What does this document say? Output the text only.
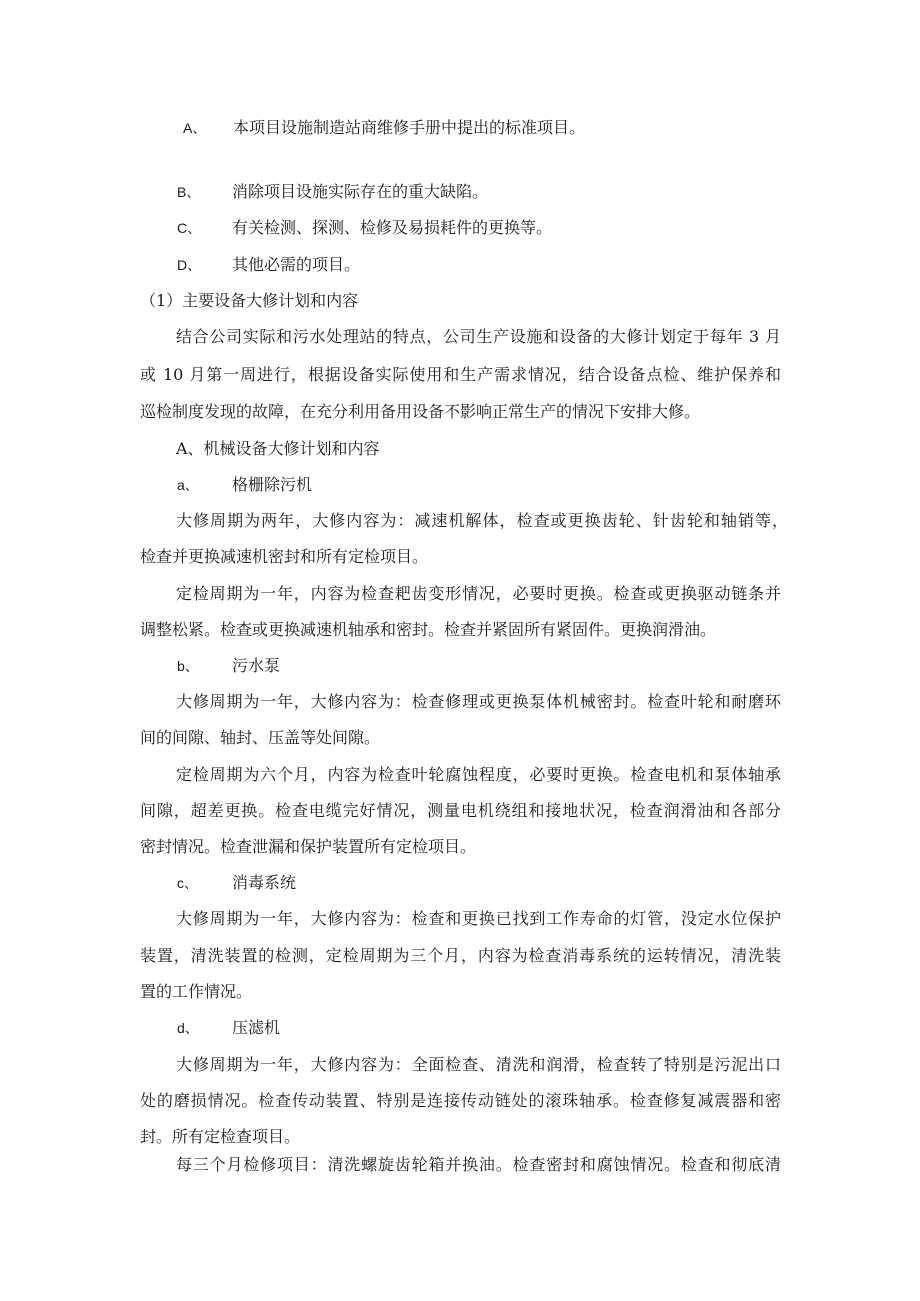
A、 本项目设施制造站商维修手册中提出的标准项目。
B、 消除项目设施实际存在的重大缺陷。
C、 有关检测、探测、检修及易损耗件的更换等。
D、 其他必需的项目。
（1）主要设备大修计划和内容
结合公司实际和污水处理站的特点，公司生产设施和设备的大修计划定于每年 3 月
或 10 月第一周进行，根据设备实际使用和生产需求情况，结合设备点检、维护保养和
巡检制度发现的故障，在充分利用备用设备不影响正常生产的情况下安排大修。
A、机械设备大修计划和内容
a、 格栅除污机
大修周期为两年，大修内容为：减速机解体，检查或更换齿轮、针齿轮和轴销等，
检查并更换减速机密封和所有定检项目。
定检周期为一年，内容为检查耙齿变形情况，必要时更换。检查或更换驱动链条并
调整松紧。检查或更换减速机轴承和密封。检查并紧固所有紧固件。更换润滑油。
b、 污水泵
大修周期为一年，大修内容为：检查修理或更换泵体机械密封。检查叶轮和耐磨环
间的间隙、轴封、压盖等处间隙。
定检周期为六个月，内容为检查叶轮腐蚀程度，必要时更换。检查电机和泵体轴承
间隙，超差更换。检查电缆完好情况，测量电机绕组和接地状况，检查润滑油和各部分
密封情况。检查泄漏和保护装置所有定检项目。
c、 消毒系统
大修周期为一年，大修内容为：检查和更换已找到工作寿命的灯管，没定水位保护
装置，清洗装置的检测，定检周期为三个月，内容为检查消毒系统的运转情况，清洗装
置的工作情况。
d、 压滤机
大修周期为一年，大修内容为：全面检查、清洗和润滑，检查转了特别是污泥出口
处的磨损情况。检查传动装置、特别是连接传动链处的滚珠轴承。检查修复减震器和密
封。所有定检查项目。
每三个月检修项目：清洗螺旋齿轮箱并换油。检查密封和腐蚀情况。检查和彻底清
